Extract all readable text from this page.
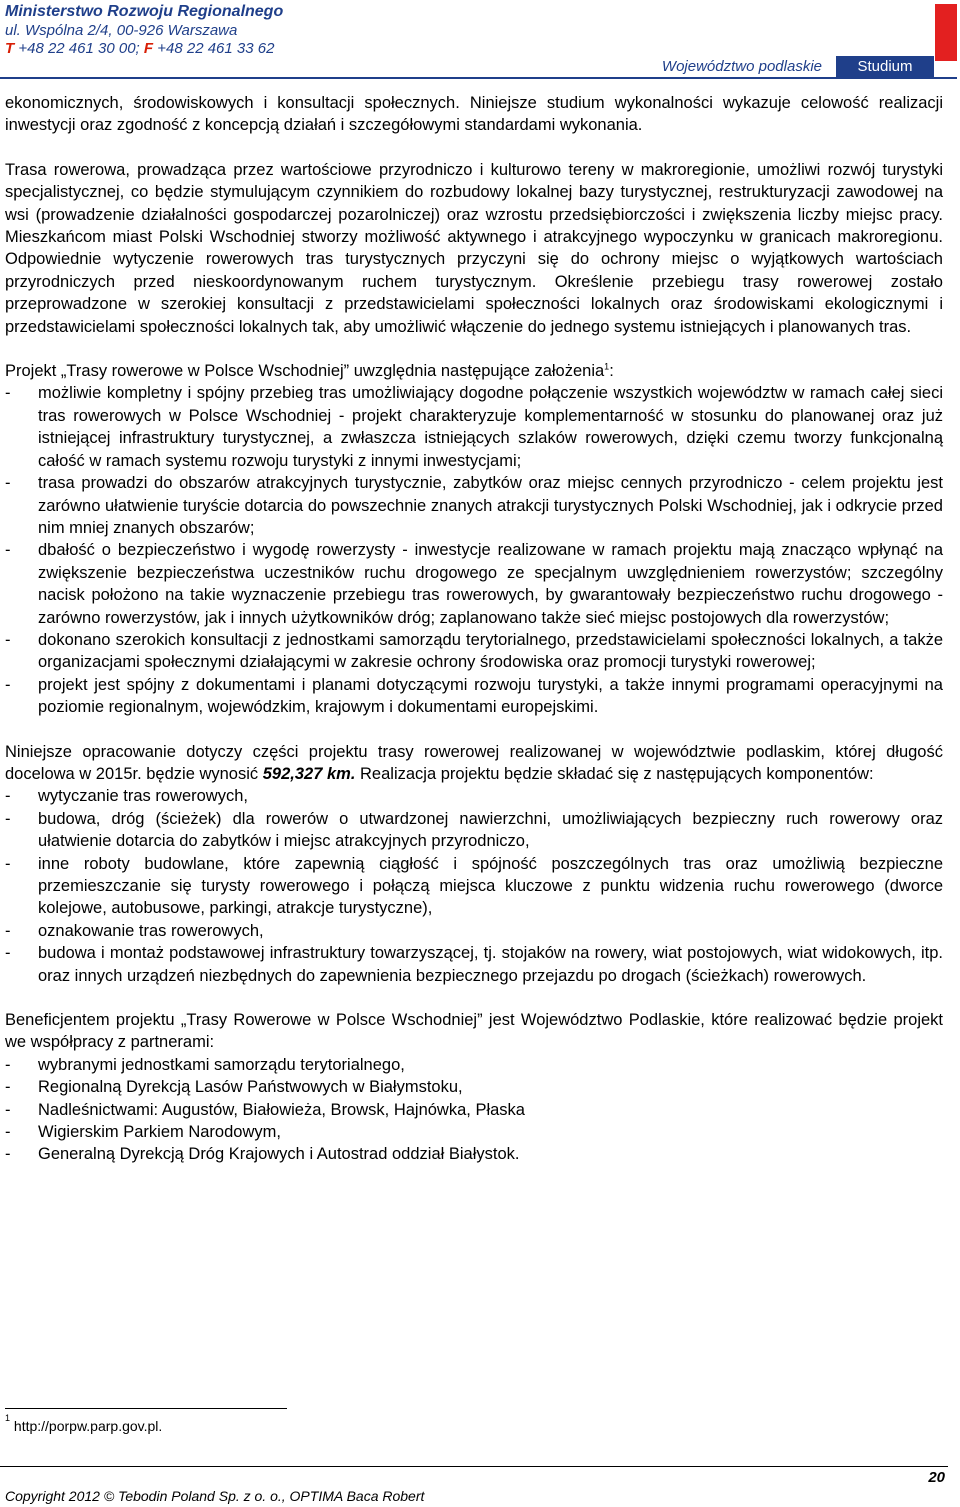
Ministerstwo Rozwoju Regionalnego
ul. Wspólna 2/4, 00-926 Warszawa
T +48 22 461 30 00; F +48 22 461 33 62
Województwo podlaskie	Studium

ekonomicznych, środowiskowych i konsultacji społecznych. Niniejsze studium wykonalności wykazuje celowość realizacji inwestycji oraz zgodność z koncepcją działań i szczegółowymi standardami wykonania.

Trasa rowerowa, prowadząca przez wartościowe przyrodniczo i kulturowo tereny w makroregionie, umożliwi rozwój turystyki specjalistycznej, co będzie stymulującym czynnikiem do rozbudowy lokalnej bazy turystycznej, restrukturyzacji zawodowej na wsi (prowadzenie działalności gospodarczej pozarolniczej) oraz wzrostu przedsiębiorczości i zwiększenia liczby miejsc pracy. Mieszkańcom miast Polski Wschodniej stworzy możliwość aktywnego i atrakcyjnego wypoczynku w granicach makroregionu. Odpowiednie wytyczenie rowerowych tras turystycznych przyczyni się do ochrony miejsc o wyjątkowych wartościach przyrodniczych przed nieskoordynowanym ruchem turystycznym. Określenie przebiegu trasy rowerowej zostało przeprowadzone w szerokiej konsultacji z przedstawicielami społeczności lokalnych oraz środowiskami ekologicznymi i przedstawicielami społeczności lokalnych tak, aby umożliwić włączenie do jednego systemu istniejących i planowanych tras.

Projekt „Trasy rowerowe w Polsce Wschodniej” uwzględnia następujące założenia$^1$:

- możliwie kompletny i spójny przebieg tras umożliwiający dogodne połączenie wszystkich województw w ramach całej sieci tras rowerowych w Polsce Wschodniej - projekt charakteryzuje komplementarność w stosunku do planowanej oraz już istniejącej infrastruktury turystycznej, a zwłaszcza istniejących szlaków rowerowych, dzięki czemu tworzy funkcjonalną całość w ramach systemu rozwoju turystyki z innymi inwestycjami;
- trasa prowadzi do obszarów atrakcyjnych turystycznie, zabytków oraz miejsc cennych przyrodniczo - celem projektu jest zarówno ułatwienie turyście dotarcia do powszechnie znanych atrakcji turystycznych Polski Wschodniej, jak i odkrycie przed nim mniej znanych obszarów;
- dbałość o bezpieczeństwo i wygodę rowerzysty - inwestycje realizowane w ramach projektu mają znacząco wpłynąć na zwiększenie bezpieczeństwa uczestników ruchu drogowego ze specjalnym uwzględnieniem rowerzystów; szczególny nacisk położono na takie wyznaczenie przebiegu tras rowerowych, by gwarantowały bezpieczeństwo ruchu drogowego - zarówno rowerzystów, jak i innych użytkowników dróg; zaplanowano także sieć miejsc postojowych dla rowerzystów;
- dokonano szerokich konsultacji z jednostkami samorządu terytorialnego, przedstawicielami społeczności lokalnych, a także organizacjami społecznymi działającymi w zakresie ochrony środowiska oraz promocji turystyki rowerowej;
- projekt jest spójny z dokumentami i planami dotyczącymi rozwoju turystyki, a także innymi programami operacyjnymi na poziomie regionalnym, wojewódzkim, krajowym i dokumentami europejskimi.

Niniejsze opracowanie dotyczy części projektu trasy rowerowej realizowanej w województwie podlaskim, której długość docelowa w 2015r. będzie wynosić 592,327 km. Realizacja projektu będzie składać się z następujących komponentów:

- wytyczanie tras rowerowych,
- budowa, dróg (ścieżek) dla rowerów o utwardzonej nawierzchni, umożliwiających bezpieczny ruch rowerowy oraz ułatwienie dotarcia do zabytków i miejsc atrakcyjnych przyrodniczo,
- inne roboty budowlane, które zapewnią ciągłość i spójność poszczególnych tras oraz umożliwią bezpieczne przemieszczanie się turysty rowerowego i połączą miejsca kluczowe z punktu widzenia ruchu rowerowego (dworce kolejowe, autobusowe, parkingi, atrakcje turystyczne),
- oznakowanie tras rowerowych,
- budowa i montaż podstawowej infrastruktury towarzyszącej, tj. stojaków na rowery, wiat postojowych, wiat widokowych, itp. oraz innych urządzeń niezbędnych do zapewnienia bezpiecznego przejazdu po drogach (ścieżkach) rowerowych.

Beneficjentem projektu „Trasy Rowerowe w Polsce Wschodniej” jest Województwo Podlaskie, które realizować będzie projekt we współpracy z partnerami:

- wybranymi jednostkami samorządu terytorialnego,
- Regionalną Dyrekcją Lasów Państwowych w Białymstoku,
- Nadleśnictwami: Augustów, Białowieża, Browsk, Hajnówka, Płaska
- Wigierskim Parkiem Narodowym,
- Generalną Dyrekcją Dróg Krajowych i Autostrad oddział Białystok.
$^1$ http://porpw.parp.gov.pl.
20
Copyright 2012 © Tebodin Poland Sp. z o. o., OPTIMA Baca Robert
